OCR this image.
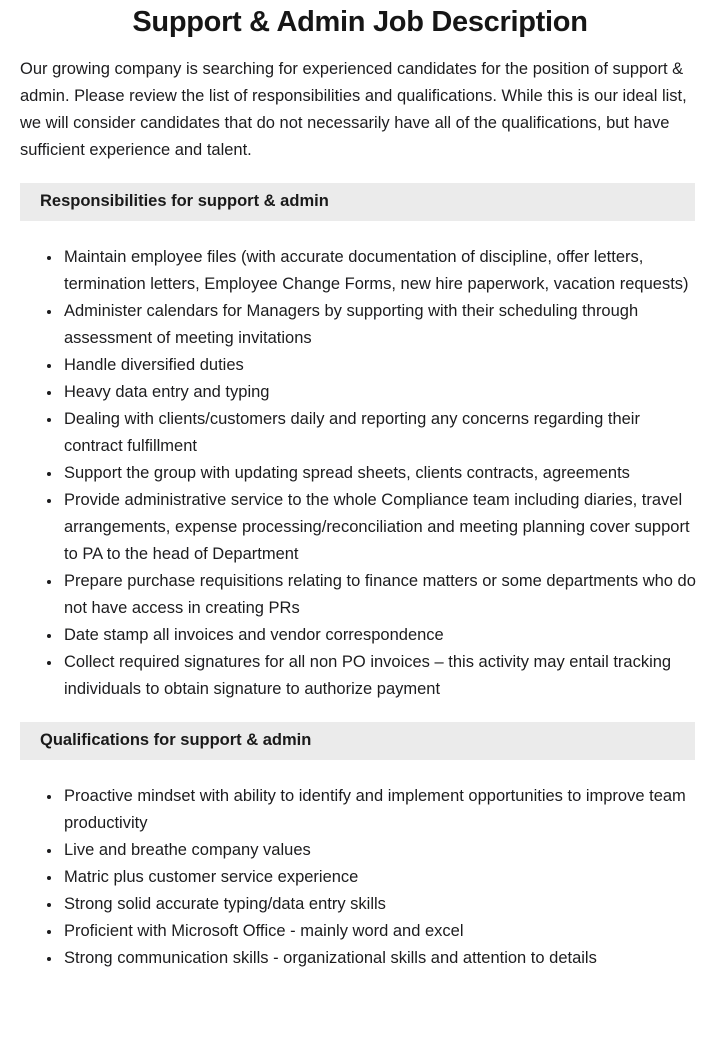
Support & Admin Job Description

Our growing company is searching for experienced candidates for the position of support & admin. Please review the list of responsibilities and qualifications. While this is our ideal list, we will consider candidates that do not necessarily have all of the qualifications, but have sufficient experience and talent.

Responsibilities for support & admin
• Maintain employee files (with accurate documentation of discipline, offer letters, termination letters, Employee Change Forms, new hire paperwork, vacation requests)
• Administer calendars for Managers by supporting with their scheduling through assessment of meeting invitations
• Handle diversified duties
• Heavy data entry and typing
• Dealing with clients/customers daily and reporting any concerns regarding their contract fulfillment
• Support the group with updating spread sheets, clients contracts, agreements
• Provide administrative service to the whole Compliance team including diaries, travel arrangements, expense processing/reconciliation and meeting planning cover support to PA to the head of Department
• Prepare purchase requisitions relating to finance matters or some departments who do not have access in creating PRs
• Date stamp all invoices and vendor correspondence
• Collect required signatures for all non PO invoices – this activity may entail tracking individuals to obtain signature to authorize payment
Qualifications for support & admin
• Proactive mindset with ability to identify and implement opportunities to improve team productivity
• Live and breathe company values
• Matric plus customer service experience
• Strong solid accurate typing/data entry skills
• Proficient with Microsoft Office - mainly word and excel
• Strong communication skills - organizational skills and attention to details
